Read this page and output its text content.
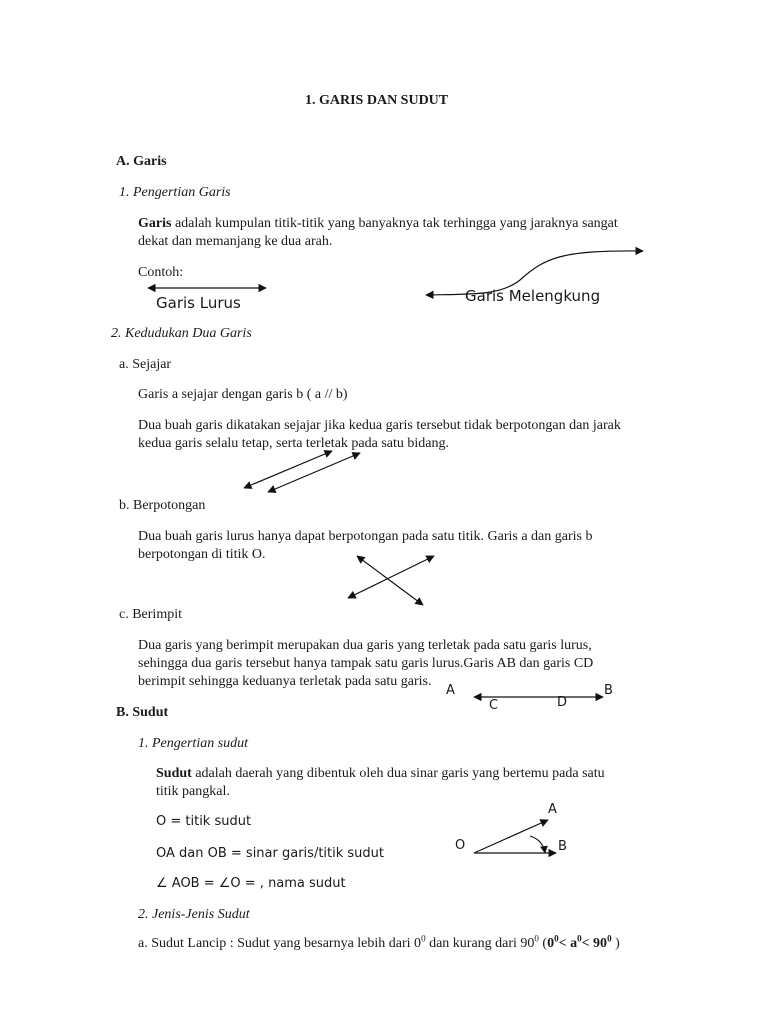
1. GARIS DAN SUDUT
A. Garis
1. Pengertian Garis
Garis adalah kumpulan titik-titik yang banyaknya tak terhingga yang jaraknya sangat
dekat dan memanjang ke dua arah.
Contoh:
Garis Lurus	Garis Melengkung
2. Kedudukan Dua Garis
a. Sejajar
Garis a sejajar dengan garis b ( a // b)
Dua buah garis dikatakan sejajar jika kedua garis tersebut tidak berpotongan dan jarak
kedua garis selalu tetap, serta terletak pada satu bidang.
b. Berpotongan
Dua buah garis lurus hanya dapat berpotongan pada satu titik. Garis a dan garis b
berpotongan di titik O.
c. Berimpit
Dua garis yang berimpit merupakan dua garis yang terletak pada satu garis lurus,
sehingga dua garis tersebut hanya tampak satu garis lurus.Garis AB dan garis CD
berimpit sehingga keduanya terletak pada satu garis.
A	B
C	D
B. Sudut
1. Pengertian sudut
Sudut adalah daerah yang dibentuk oleh dua sinar garis yang bertemu pada satu
titik pangkal.
O = titik sudut
OA dan OB = sinar garis/titik sudut
∠ AOB = ∠O = , nama sudut
A
B
O
2. Jenis-Jenis Sudut
a. Sudut Lancip : Sudut yang besarnya lebih dari $0^0$ dan kurang dari $90^0$ ($0^0< a^0< 90^0$ )
